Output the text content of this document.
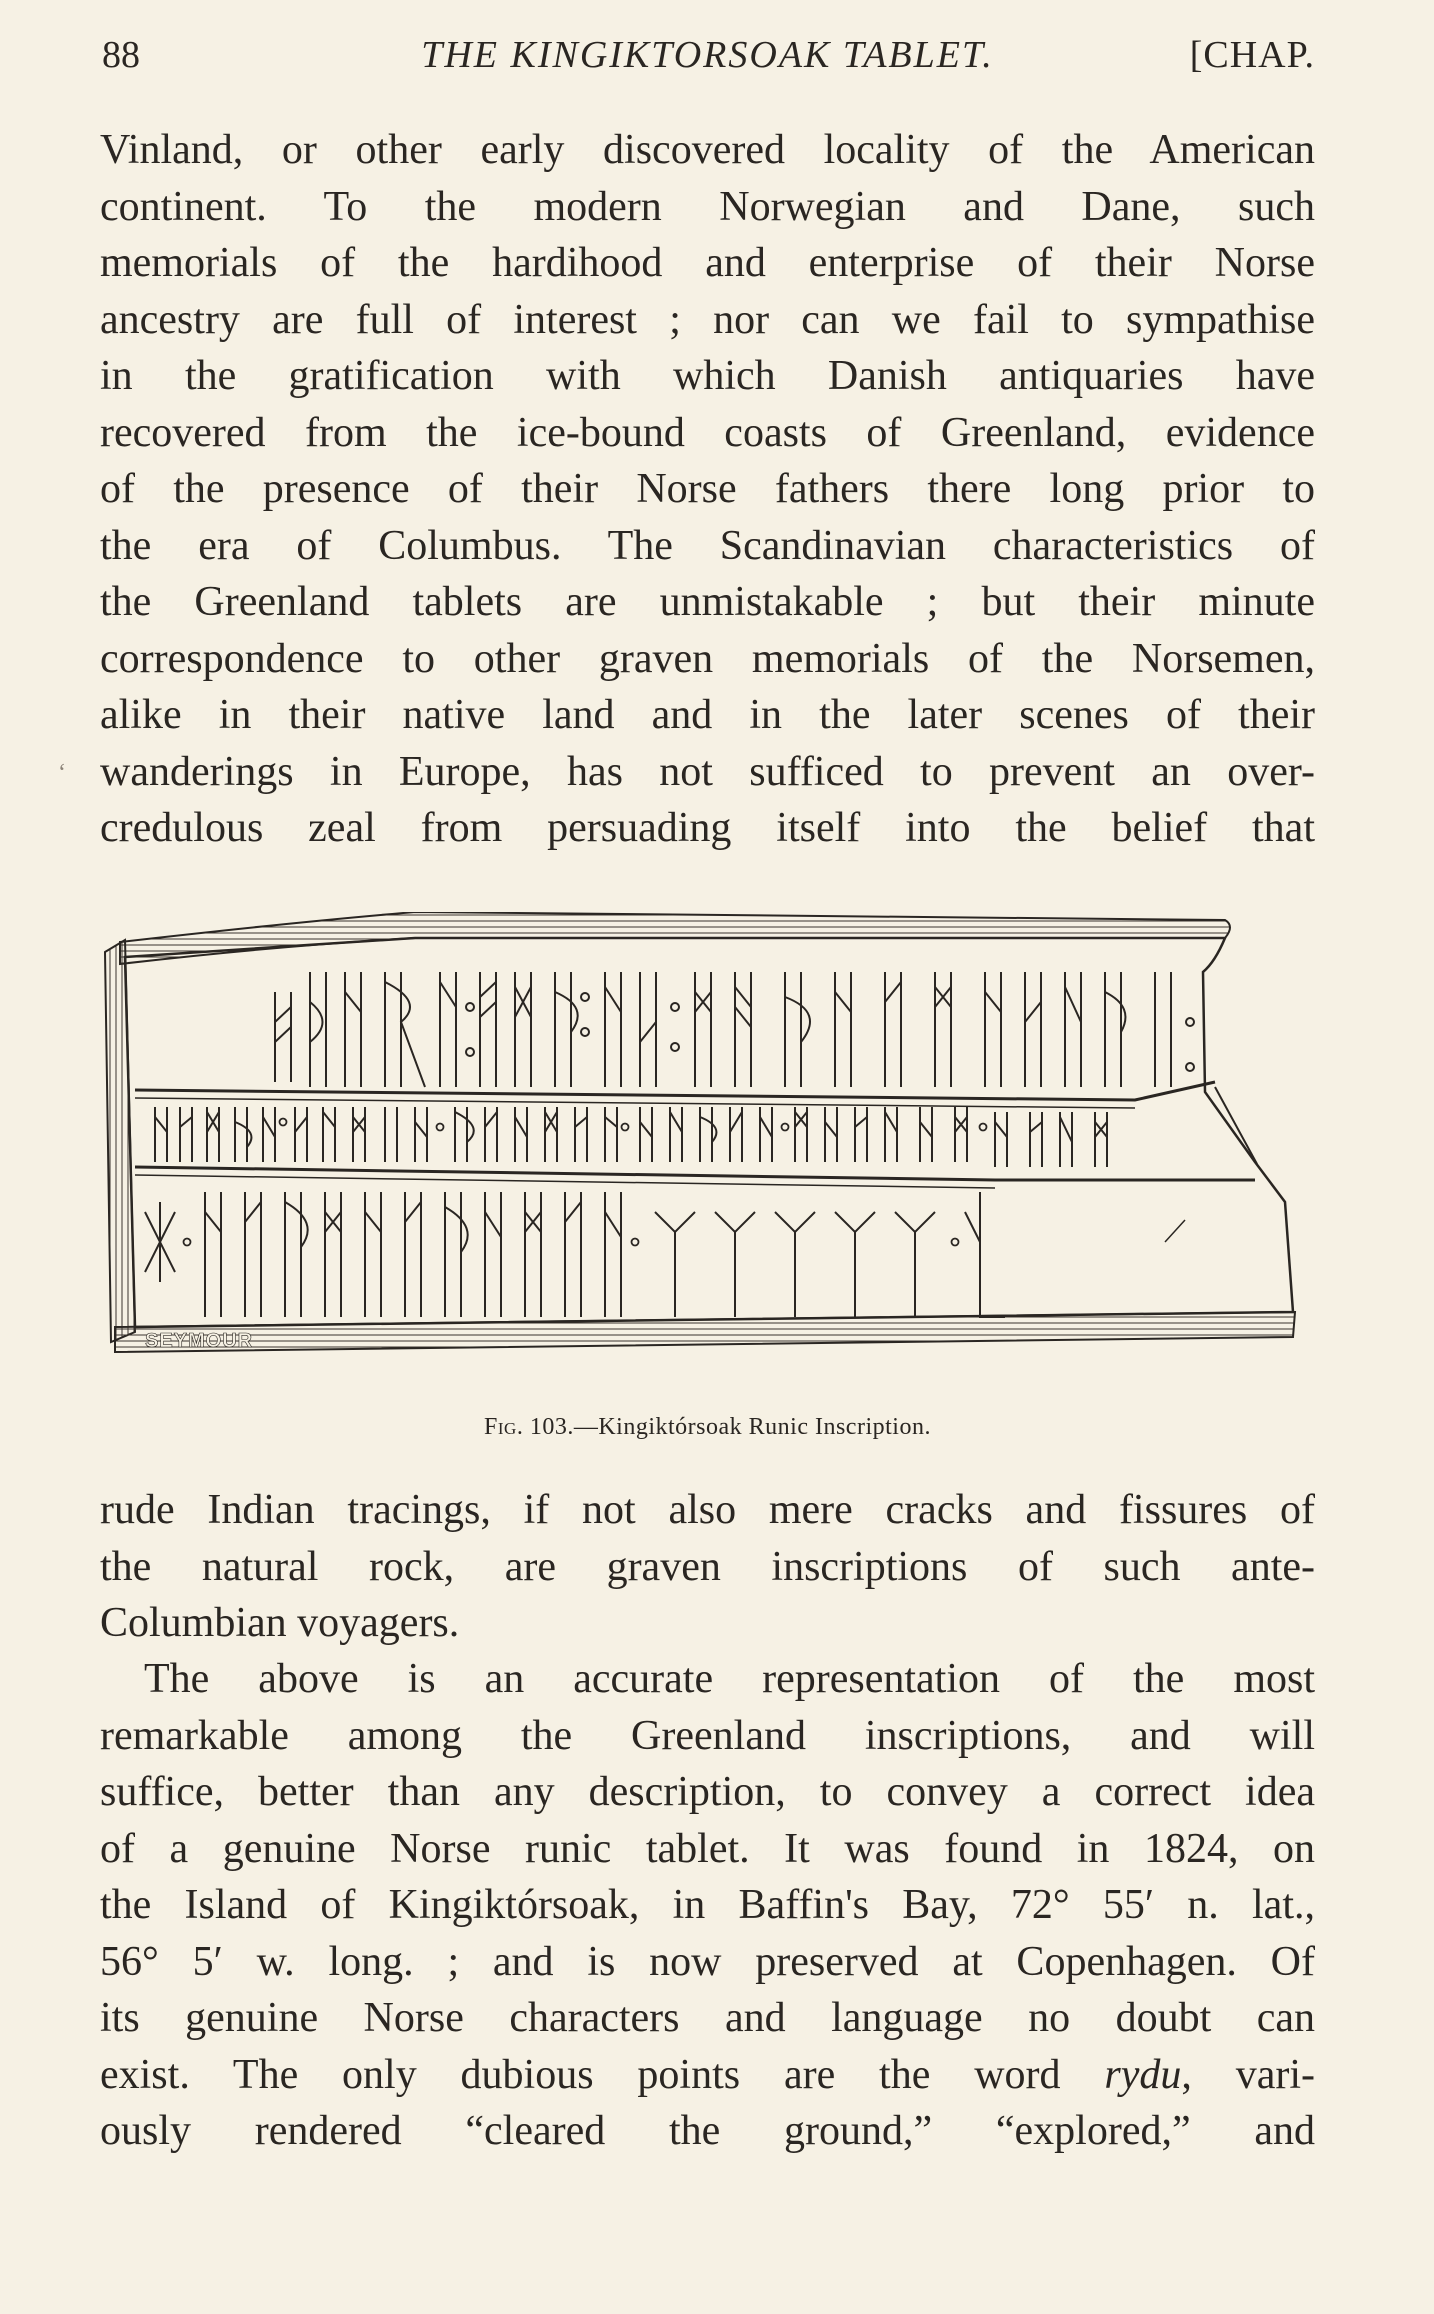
88	THE KINGIKTORSOAK TABLET.	[CHAP.

Vinland, or other early discovered locality of the American
continent. To the modern Norwegian and Dane, such
memorials of the hardihood and enterprise of their Norse
ancestry are full of interest ; nor can we fail to sympathise
in the gratification with which Danish antiquaries have
recovered from the ice-bound coasts of Greenland, evidence
of the presence of their Norse fathers there long prior to
the era of Columbus. The Scandinavian characteristics of
the Greenland tablets are unmistakable ; but their minute
correspondence to other graven memorials of the Norsemen,
alike in their native land and in the later scenes of their
wanderings in Europe, has not sufficed to prevent an over-
credulous zeal from persuading itself into the belief that

‘
SEYMOUR
Fig. 103.—Kingiktórsoak Runic Inscription.

rude Indian tracings, if not also mere cracks and fissures of
the natural rock, are graven inscriptions of such ante-
Columbian voyagers.

The above is an accurate representation of the most
remarkable among the Greenland inscriptions, and will
suffice, better than any description, to convey a correct idea
of a genuine Norse runic tablet. It was found in 1824, on
the Island of Kingiktórsoak, in Baffin's Bay, 72° 55′ n. lat.,
56° 5′ w. long. ; and is now preserved at Copenhagen. Of
its genuine Norse characters and language no doubt can
exist. The only dubious points are the word rydu, vari-
ously rendered “cleared the ground,” “explored,” and
